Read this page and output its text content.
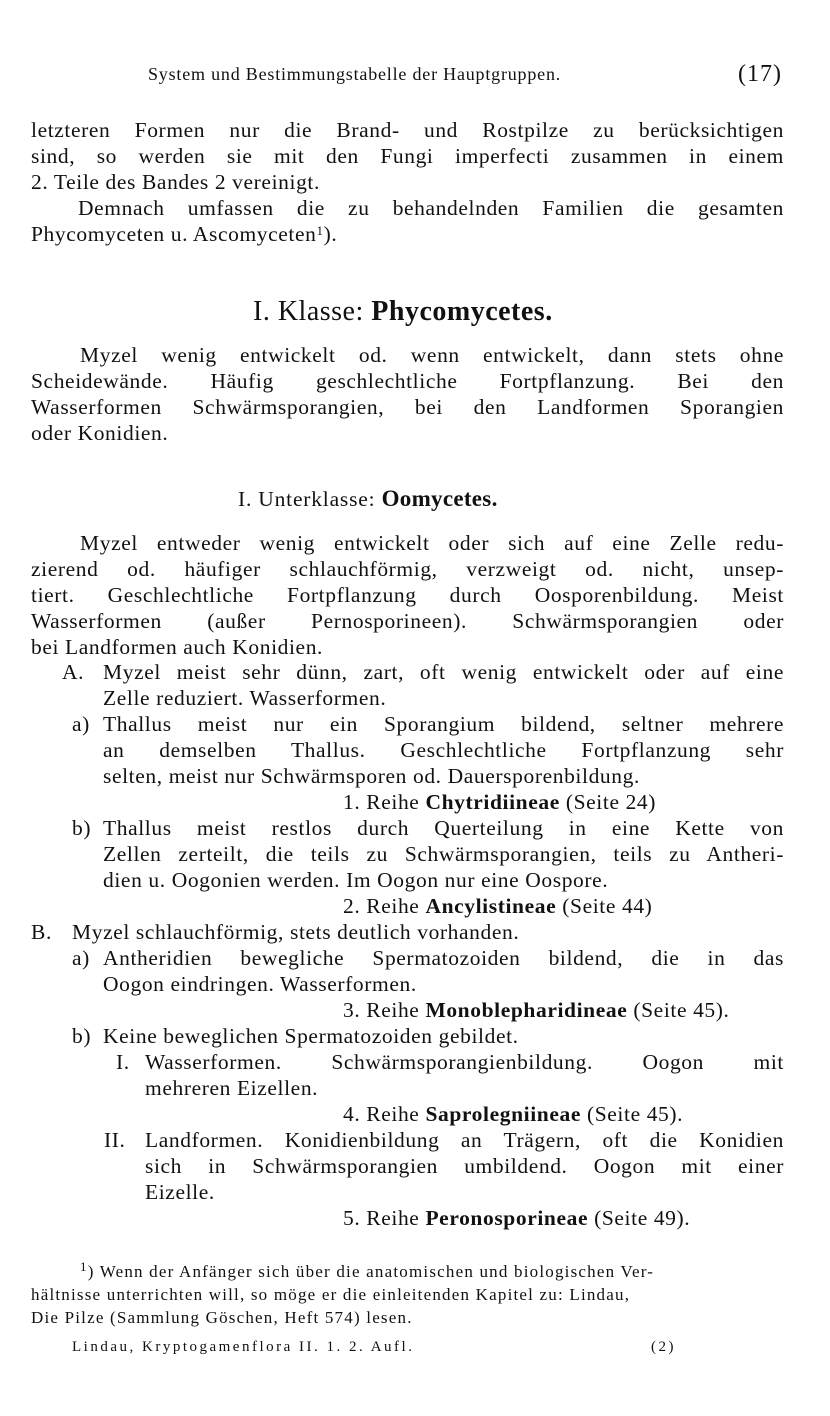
System und Bestimmungstabelle der Hauptgruppen.	(17)
letzteren Formen nur die Brand- und Rostpilze zu berücksichtigen
sind, so werden sie mit den Fungi imperfecti zusammen in einem
2. Teile des Bandes 2 vereinigt.
Demnach umfassen die zu behandelnden Familien die gesamten
Phycomyceten u. Ascomyceten$^1$).
I. Klasse: Phycomycetes.
Myzel wenig entwickelt od. wenn entwickelt, dann stets ohne
Scheidewände. Häufig geschlechtliche Fortpflanzung. Bei den
Wasserformen Schwärmsporangien, bei den Landformen Sporangien
oder Konidien.
I. Unterklasse: Oomycetes.
Myzel entweder wenig entwickelt oder sich auf eine Zelle redu-
zierend od. häufiger schlauchförmig, verzweigt od. nicht, unsep-
tiert. Geschlechtliche Fortpflanzung durch Oosporenbildung. Meist
Wasserformen (außer Pernosporineen). Schwärmsporangien oder
bei Landformen auch Konidien.
A. Myzel meist sehr dünn, zart, oft wenig entwickelt oder auf eine
Zelle reduziert. Wasserformen.
a) Thallus meist nur ein Sporangium bildend, seltner mehrere
an demselben Thallus. Geschlechtliche Fortpflanzung sehr
selten, meist nur Schwärmsporen od. Dauersporenbildung.
1. Reihe Chytridiineae (Seite 24)
b) Thallus meist restlos durch Querteilung in eine Kette von
Zellen zerteilt, die teils zu Schwärmsporangien, teils zu Antheri-
dien u. Oogonien werden. Im Oogon nur eine Oospore.
2. Reihe Ancylistineae (Seite 44)
B. Myzel schlauchförmig, stets deutlich vorhanden.
a) Antheridien bewegliche Spermatozoiden bildend, die in das
Oogon eindringen. Wasserformen.
3. Reihe Monoblepharidineae (Seite 45).
b) Keine beweglichen Spermatozoiden gebildet.
I. Wasserformen. Schwärmsporangienbildung. Oogon mit
mehreren Eizellen.
4. Reihe Saprolegniineae (Seite 45).
II. Landformen. Konidienbildung an Trägern, oft die Konidien
sich in Schwärmsporangien umbildend. Oogon mit einer
Eizelle.
5. Reihe Peronosporineae (Seite 49).
$^1$) Wenn der Anfänger sich über die anatomischen und biologischen Ver-
hältnisse unterrichten will, so möge er die einleitenden Kapitel zu: Lindau,
Die Pilze (Sammlung Göschen, Heft 574) lesen.
Lindau, Kryptogamenflora II. 1. 2. Aufl.	(2)
